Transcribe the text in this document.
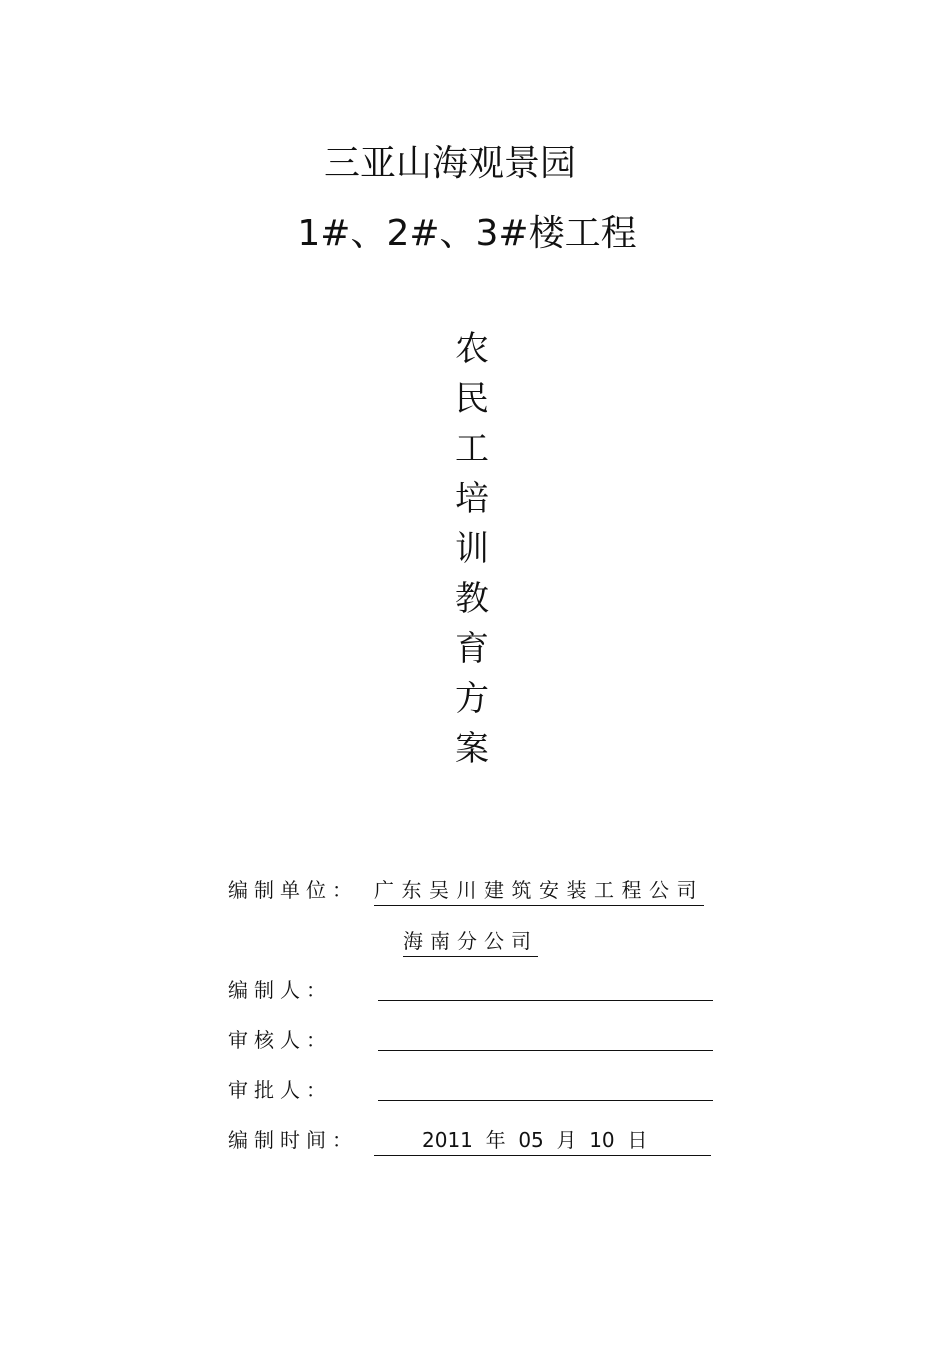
三亚山海观景园
1#、2#、3#楼工程
农
民
工
培
训
教
育
方
案
编制单位： 广东吴川建筑安装工程公司
海南分公司
编制人：
审核人：
审批人：
编制时间：	2011  年  05  月  10  日
